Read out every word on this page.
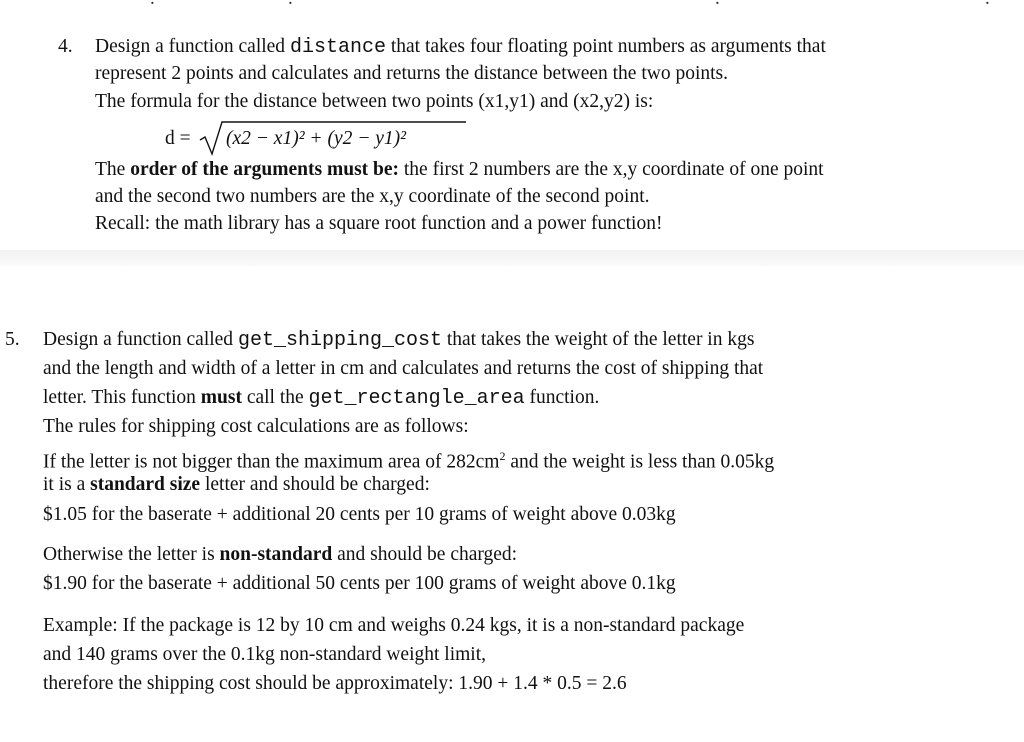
4. Design a function called distance that takes four floating point numbers as arguments that
represent 2 points and calculates and returns the distance between the two points.
The formula for the distance between two points (x1,y1) and (x2,y2) is:
d = (x2 − x1)² + (y2 − y1)²
The order of the arguments must be: the first 2 numbers are the x,y coordinate of one point
and the second two numbers are the x,y coordinate of the second point.
Recall: the math library has a square root function and a power function!
5. Design a function called get_shipping_cost that takes the weight of the letter in kgs
and the length and width of a letter in cm and calculates and returns the cost of shipping that
letter. This function must call the get_rectangle_area function.
The rules for shipping cost calculations are as follows:
If the letter is not bigger than the maximum area of $282cm^2$ and the weight is less than 0.05kg
it is a standard size letter and should be charged:
$1.05 for the baserate + additional 20 cents per 10 grams of weight above 0.03kg
Otherwise the letter is non-standard and should be charged:
$1.90 for the baserate + additional 50 cents per 100 grams of weight above 0.1kg
Example: If the package is 12 by 10 cm and weighs 0.24 kgs, it is a non-standard package
and 140 grams over the 0.1kg non-standard weight limit,
therefore the shipping cost should be approximately: 1.90 + 1.4 * 0.5 = 2.6
